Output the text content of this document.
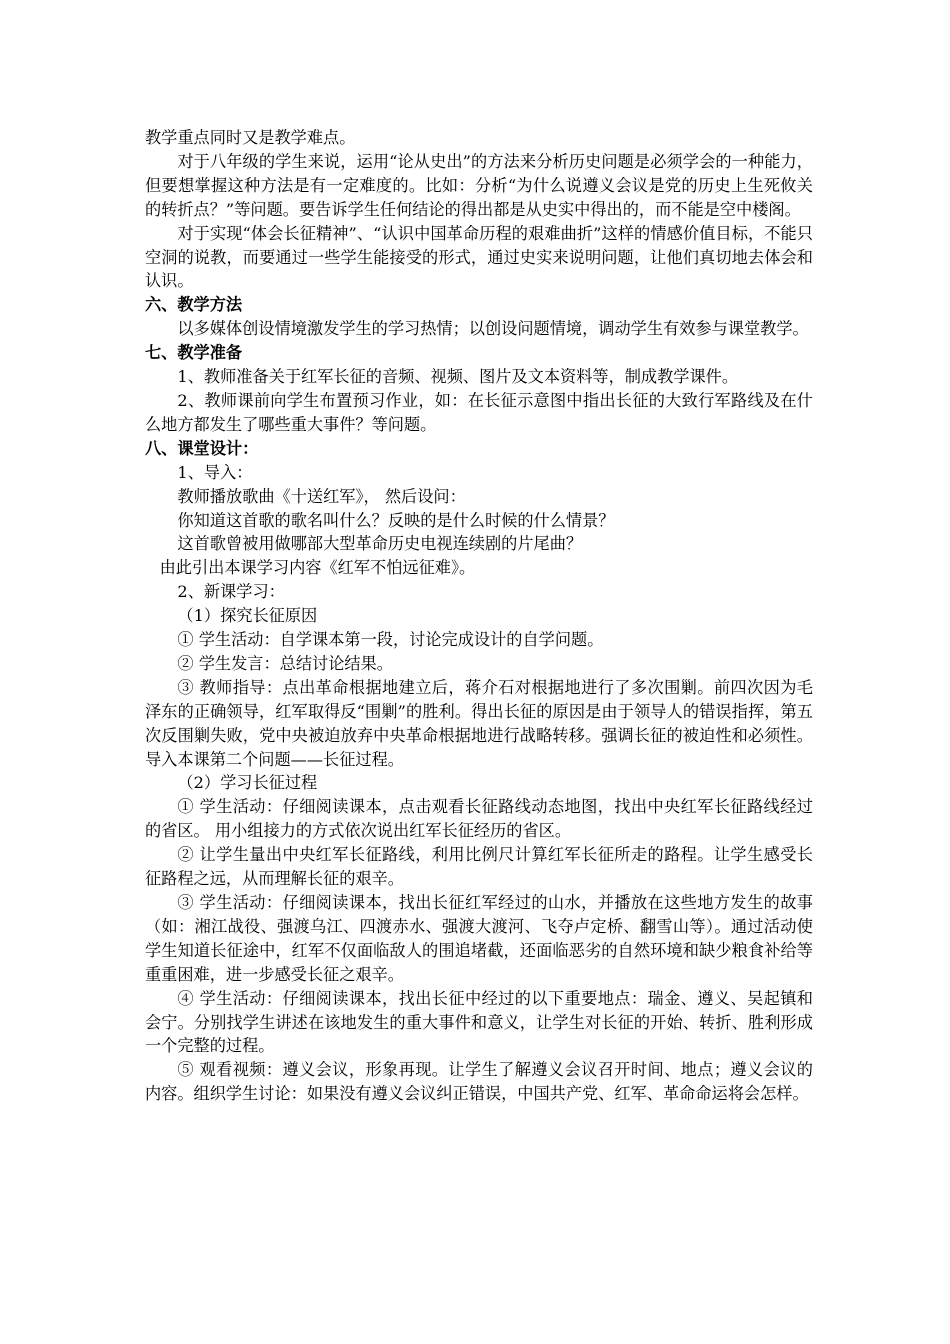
教学重点同时又是教学难点。

对于八年级的学生来说，运用“论从史出”的方法来分析历史问题是必须学会的一种能力，但要想掌握这种方法是有一定难度的。比如：分析“为什么说遵义会议是党的历史上生死攸关的转折点？”等问题。要告诉学生任何结论的得出都是从史实中得出的，而不能是空中楼阁。

对于实现“体会长征精神”、“认识中国革命历程的艰难曲折”这样的情感价值目标，不能只空洞的说教，而要通过一些学生能接受的形式，通过史实来说明问题，让他们真切地去体会和认识。

六、教学方法

以多媒体创设情境激发学生的学习热情；以创设问题情境，调动学生有效参与课堂教学。

七、教学准备

1、教师准备关于红军长征的音频、视频、图片及文本资料等，制成教学课件。

2、教师课前向学生布置预习作业，如：在长征示意图中指出长征的大致行军路线及在什么地方都发生了哪些重大事件？等问题。

八、课堂设计：

1、导入：

教师播放歌曲《十送红军》， 然后设问：

你知道这首歌的歌名叫什么？反映的是什么时候的什么情景？

这首歌曾被用做哪部大型革命历史电视连续剧的片尾曲？

由此引出本课学习内容《红军不怕远征难》。

2、新课学习：

（1）探究长征原因

① 学生活动：自学课本第一段，讨论完成设计的自学问题。

② 学生发言：总结讨论结果。

③ 教师指导：点出革命根据地建立后，蒋介石对根据地进行了多次围剿。前四次因为毛泽东的正确领导，红军取得反“围剿”的胜利。得出长征的原因是由于领导人的错误指挥，第五次反围剿失败，党中央被迫放弃中央革命根据地进行战略转移。强调长征的被迫性和必须性。导入本课第二个问题——长征过程。

（2）学习长征过程

① 学生活动：仔细阅读课本，点击观看长征路线动态地图，找出中央红军长征路线经过的省区。 用小组接力的方式依次说出红军长征经历的省区。

② 让学生量出中央红军长征路线，利用比例尺计算红军长征所走的路程。让学生感受长征路程之远，从而理解长征的艰辛。

③ 学生活动：仔细阅读课本，找出长征红军经过的山水，并播放在这些地方发生的故事（如：湘江战役、强渡乌江、四渡赤水、强渡大渡河、飞夺卢定桥、翻雪山等）。通过活动使学生知道长征途中，红军不仅面临敌人的围追堵截，还面临恶劣的自然环境和缺少粮食补给等重重困难，进一步感受长征之艰辛。

④ 学生活动：仔细阅读课本，找出长征中经过的以下重要地点：瑞金、遵义、吴起镇和会宁。分别找学生讲述在该地发生的重大事件和意义，让学生对长征的开始、转折、胜利形成一个完整的过程。

⑤ 观看视频：遵义会议，形象再现。让学生了解遵义会议召开时间、地点；遵义会议的内容。组织学生讨论：如果没有遵义会议纠正错误，中国共产党、红军、革命命运将会怎样。
